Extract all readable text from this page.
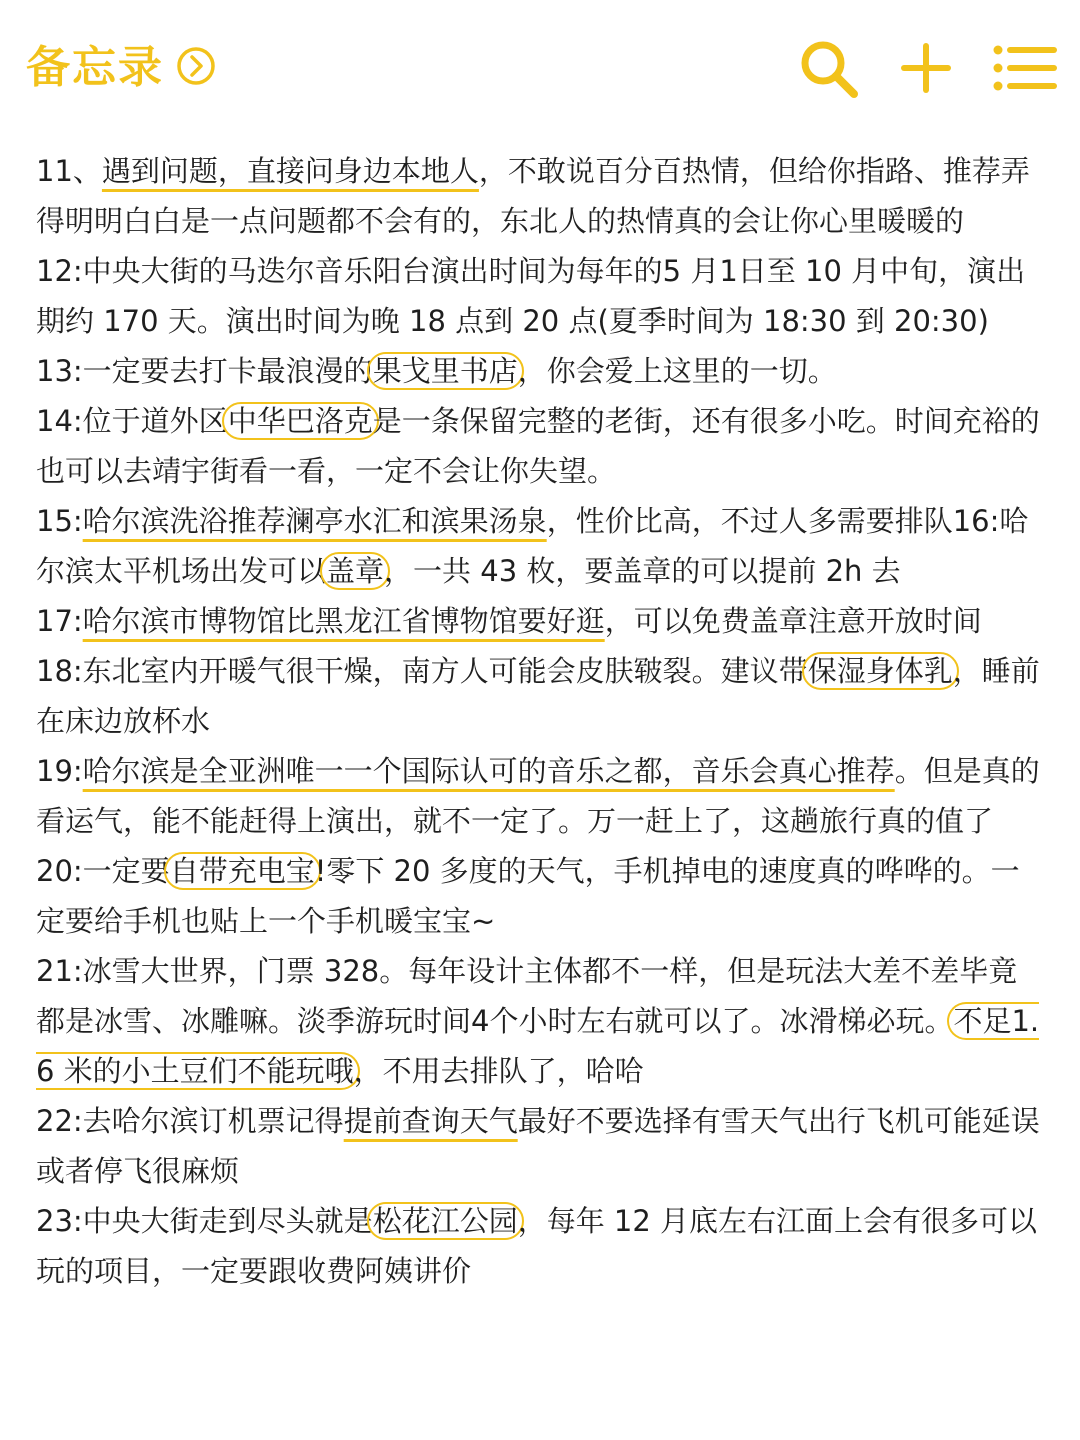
备忘录

11、遇到问题，直接问身边本地人，不敢说百分百热情，但给你指路、推荐弄得明明白白是一点问题都不会有的，东北人的热情真的会让你心里暖暖的

12:中央大街的马迭尔音乐阳台演出时间为每年的5 月1日至 10 月中旬，演出期约 170 天。演出时间为晚 18 点到 20 点(夏季时间为 18:30 到 20:30)

13:一定要去打卡最浪漫的果戈里书店，你会爱上这里的一切。

14:位于道外区中华巴洛克是一条保留完整的老街，还有很多小吃。时间充裕的也可以去靖宇街看一看，一定不会让你失望。

15:哈尔滨洗浴推荐澜亭水汇和滨果汤泉，性价比高，不过人多需要排队16:哈尔滨太平机场出发可以盖章，一共 43 枚，要盖章的可以提前 2h 去

17:哈尔滨市博物馆比黑龙江省博物馆要好逛，可以免费盖章注意开放时间

18:东北室内开暖气很干燥，南方人可能会皮肤皲裂。建议带保湿身体乳，睡前在床边放杯水

19:哈尔滨是全亚洲唯一一个国际认可的音乐之都，音乐会真心推荐。但是真的看运气，能不能赶得上演出，就不一定了。万一赶上了，这趟旅行真的值了

20:一定要自带充电宝!零下 20 多度的天气，手机掉电的速度真的哗哗的。一定要给手机也贴上一个手机暖宝宝~

21:冰雪大世界，门票 328。每年设计主体都不一样，但是玩法大差不差毕竟都是冰雪、冰雕嘛。淡季游玩时间4个小时左右就可以了。冰滑梯必玩。不足1.6 米的小土豆们不能玩哦，不用去排队了，哈哈

22:去哈尔滨订机票记得提前查询天气最好不要选择有雪天气出行飞机可能延误或者停飞很麻烦

23:中央大街走到尽头就是松花江公园，每年 12 月底左右江面上会有很多可以玩的项目，一定要跟收费阿姨讲价
